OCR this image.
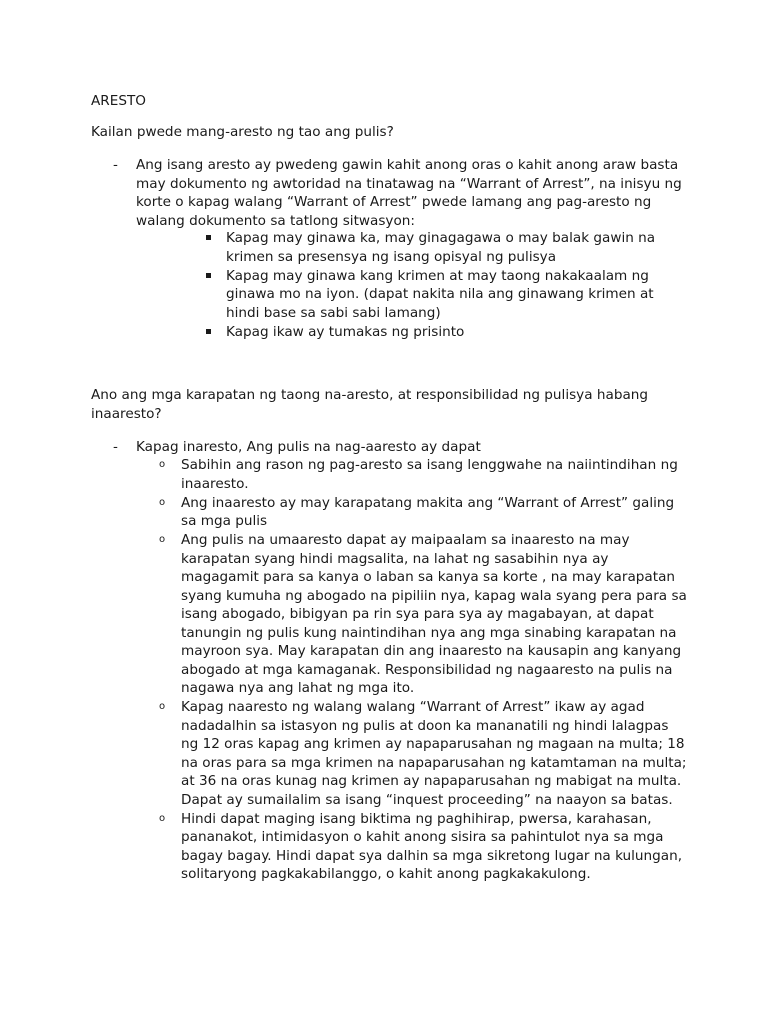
ARESTO

Kailan pwede mang-aresto ng tao ang pulis?

- Ang isang aresto ay pwedeng gawin kahit anong oras o kahit anong araw basta may dokumento ng awtoridad na tinatawag na “Warrant of Arrest”, na inisyu ng korte o kapag walang “Warrant of Arrest” pwede lamang ang pag-aresto ng walang dokumento sa tatlong sitwasyon:

Kapag may ginawa ka, may ginagagawa o may balak gawin na krimen sa presensya ng isang opisyal ng pulisya
Kapag may ginawa kang krimen at may taong nakakaalam ng ginawa mo na iyon. (dapat nakita nila ang ginawang krimen at hindi base sa sabi sabi lamang)
Kapag ikaw ay tumakas ng prisinto

Ano ang mga karapatan ng taong na-aresto, at responsibilidad ng pulisya habang inaaresto?

- Kapag inaresto, Ang pulis na nag-aaresto ay dapat

o Sabihin ang rason ng pag-aresto sa isang lenggwahe na naiintindihan ng inaaresto.
o Ang inaaresto ay may karapatang makita ang “Warrant of Arrest” galing sa mga pulis
o Ang pulis na umaaresto dapat ay maipaalam sa inaaresto na may karapatan syang hindi magsalita, na lahat ng sasabihin nya ay magagamit para sa kanya o laban sa kanya sa korte , na may karapatan syang kumuha ng abogado na pipiliin nya, kapag wala syang pera para sa isang abogado, bibigyan pa rin sya para sya ay magabayan, at dapat tanungin ng pulis kung naintindihan nya ang mga sinabing karapatan na mayroon sya. May karapatan din ang inaaresto na kausapin ang kanyang abogado at mga kamaganak. Responsibilidad ng nagaaresto na pulis na nagawa nya ang lahat ng mga ito.
o Kapag naaresto ng walang walang “Warrant of Arrest” ikaw ay agad nadadalhin sa istasyon ng pulis at doon ka mananatili ng hindi lalagpas ng 12 oras kapag ang krimen ay napaparusahan ng magaan na multa; 18 na oras para sa mga krimen na napaparusahan ng katamtaman na multa; at 36 na oras kunag nag krimen ay napaparusahan ng mabigat na multa. Dapat ay sumailalim sa isang “inquest proceeding” na naayon sa batas.
o Hindi dapat maging isang biktima ng paghihirap, pwersa, karahasan, pananakot, intimidasyon o kahit anong sisira sa pahintulot nya sa mga bagay bagay. Hindi dapat sya dalhin sa mga sikretong lugar na kulungan, solitaryong pagkakabilanggo, o kahit anong pagkakakulong.
